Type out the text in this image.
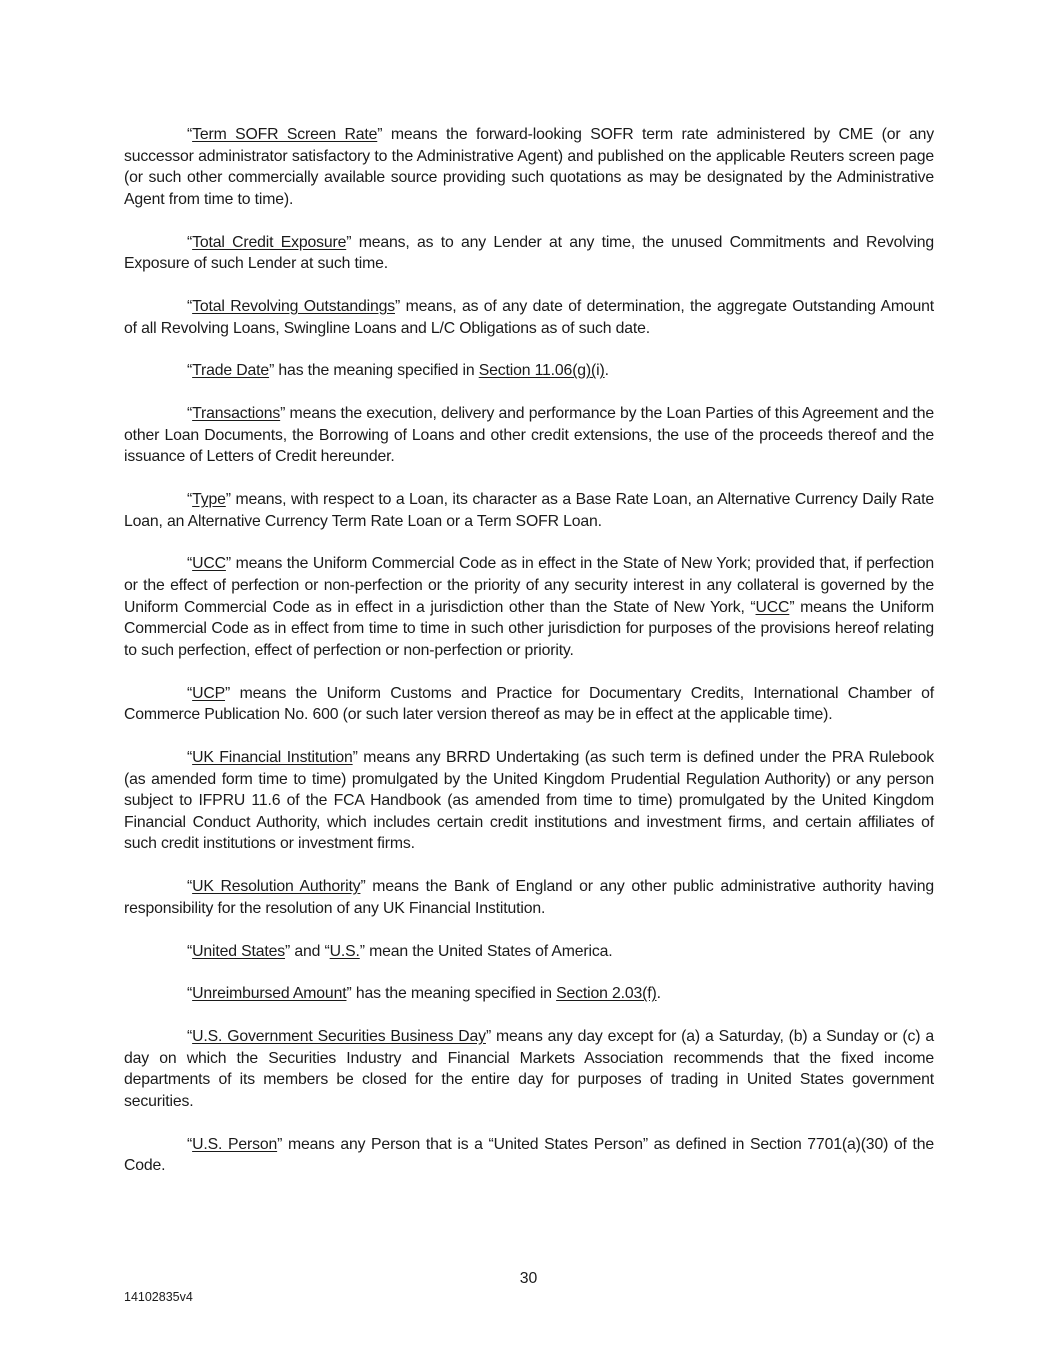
“Term SOFR Screen Rate” means the forward-looking SOFR term rate administered by CME (or any successor administrator satisfactory to the Administrative Agent) and published on the applicable Reuters screen page (or such other commercially available source providing such quotations as may be designated by the Administrative Agent from time to time).

“Total Credit Exposure” means, as to any Lender at any time, the unused Commitments and Revolving Exposure of such Lender at such time.

“Total Revolving Outstandings” means, as of any date of determination, the aggregate Outstanding Amount of all Revolving Loans, Swingline Loans and L/C Obligations as of such date.

“Trade Date” has the meaning specified in Section 11.06(g)(i).

“Transactions” means the execution, delivery and performance by the Loan Parties of this Agreement and the other Loan Documents, the Borrowing of Loans and other credit extensions, the use of the proceeds thereof and the issuance of Letters of Credit hereunder.

“Type” means, with respect to a Loan, its character as a Base Rate Loan, an Alternative Currency Daily Rate Loan, an Alternative Currency Term Rate Loan or a Term SOFR Loan.

“UCC” means the Uniform Commercial Code as in effect in the State of New York; provided that, if perfection or the effect of perfection or non-perfection or the priority of any security interest in any collateral is governed by the Uniform Commercial Code as in effect in a jurisdiction other than the State of New York, “UCC” means the Uniform Commercial Code as in effect from time to time in such other jurisdiction for purposes of the provisions hereof relating to such perfection, effect of perfection or non-perfection or priority.

“UCP” means the Uniform Customs and Practice for Documentary Credits, International Chamber of Commerce Publication No. 600 (or such later version thereof as may be in effect at the applicable time).

“UK Financial Institution” means any BRRD Undertaking (as such term is defined under the PRA Rulebook (as amended form time to time) promulgated by the United Kingdom Prudential Regulation Authority) or any person subject to IFPRU 11.6 of the FCA Handbook (as amended from time to time) promulgated by the United Kingdom Financial Conduct Authority, which includes certain credit institutions and investment firms, and certain affiliates of such credit institutions or investment firms.

“UK Resolution Authority” means the Bank of England or any other public administrative authority having responsibility for the resolution of any UK Financial Institution.

“United States” and “U.S.” mean the United States of America.

“Unreimbursed Amount” has the meaning specified in Section 2.03(f).

“U.S. Government Securities Business Day” means any day except for (a) a Saturday, (b) a Sunday or (c) a day on which the Securities Industry and Financial Markets Association recommends that the fixed income departments of its members be closed for the entire day for purposes of trading in United States government securities.

“U.S. Person” means any Person that is a “United States Person” as defined in Section 7701(a)(30) of the Code.

30
14102835v4
